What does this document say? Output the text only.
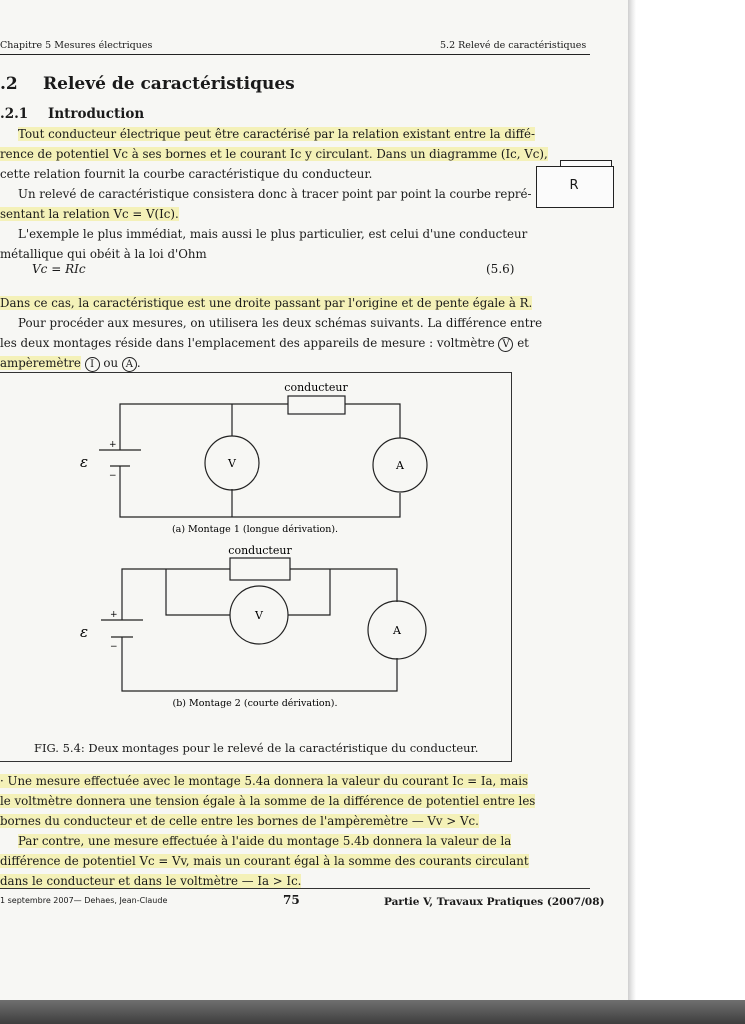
Chapitre 5 Mesures électriques	5.2 Relevé de caractéristiques
.2 Relevé de caractéristiques
.2.1 Introduction
R
Tout conducteur électrique peut être caractérisé par la relation existant entre la diffé-
rence de potentiel Vc à ses bornes et le courant Ic y circulant. Dans un diagramme (Ic, Vc),
cette relation fournit la courbe caractéristique du conducteur.
Un relevé de caractéristique consistera donc à tracer point par point la courbe repré-
sentant la relation Vc = V(Ic).
L'exemple le plus immédiat, mais aussi le plus particulier, est celui d'une conducteur
métallique qui obéit à la loi d'Ohm
Vc = RIc	(5.6)
Dans ce cas, la caractéristique est une droite passant par l'origine et de pente égale à R.
Pour procéder aux mesures, on utilisera les deux schémas suivants. La différence entre
les deux montages réside dans l'emplacement des appareils de mesure : voltmètre V et
ampèremètre I ou A .
conducteur
V	A
ε
+
−
(a) Montage 1 (longue dérivation).
conducteur
V
A
ε
+
−
(b) Montage 2 (courte dérivation).
FIG. 5.4: Deux montages pour le relevé de la caractéristique du conducteur.
· Une mesure effectuée avec le montage 5.4a donnera la valeur du courant Ic = Ia, mais
le voltmètre donnera une tension égale à la somme de la différence de potentiel entre les
bornes du conducteur et de celle entre les bornes de l'ampèremètre — Vv > Vc.
Par contre, une mesure effectuée à l'aide du montage 5.4b donnera la valeur de la
différence de potentiel Vc = Vv, mais un courant égal à la somme des courants circulant
dans le conducteur et dans le voltmètre — Ia > Ic.
1 septembre 2007— Dehaes, Jean-Claude	75	Partie V, Travaux Pratiques (2007/08)
